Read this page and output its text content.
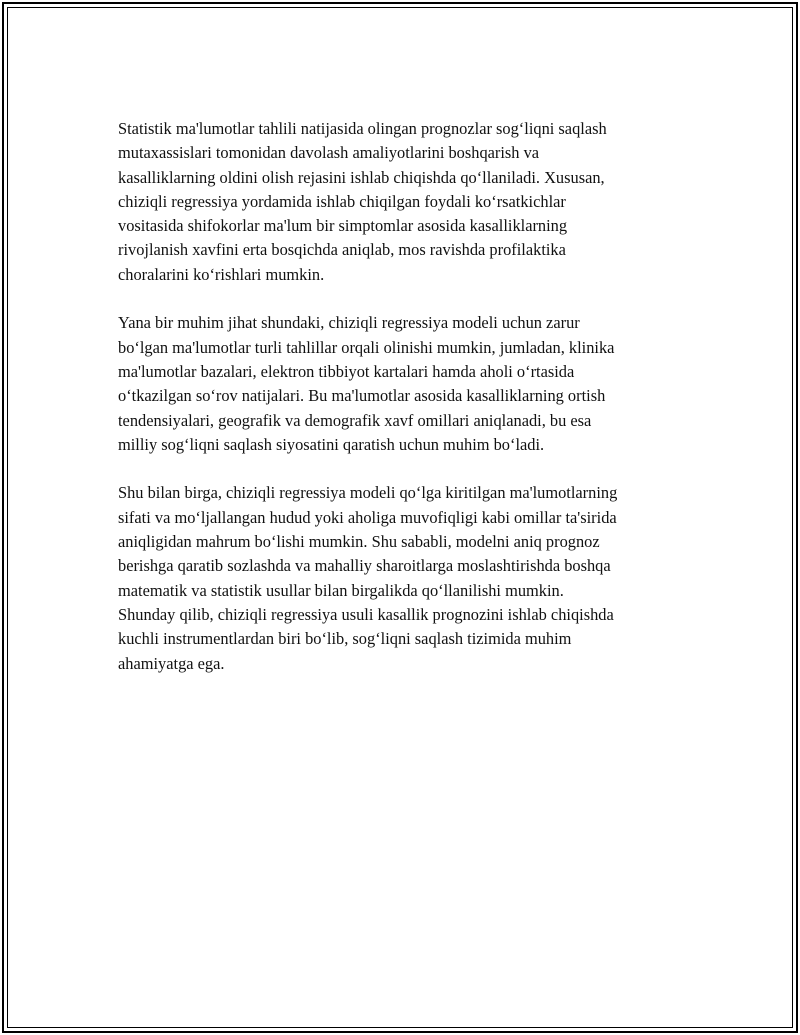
Statistik ma'lumotlar tahlili natijasida olingan prognozlar sog‘liqni saqlash
mutaxassislari tomonidan davolash amaliyotlarini boshqarish va
kasalliklarning oldini olish rejasini ishlab chiqishda qo‘llaniladi. Xususan,
chiziqli regressiya yordamida ishlab chiqilgan foydali ko‘rsatkichlar
vositasida shifokorlar ma'lum bir simptomlar asosida kasalliklarning
rivojlanish xavfini erta bosqichda aniqlab, mos ravishda profilaktika
choralarini ko‘rishlari mumkin.

Yana bir muhim jihat shundaki, chiziqli regressiya modeli uchun zarur
bo‘lgan ma'lumotlar turli tahlillar orqali olinishi mumkin, jumladan, klinika
ma'lumotlar bazalari, elektron tibbiyot kartalari hamda aholi o‘rtasida
o‘tkazilgan so‘rov natijalari. Bu ma'lumotlar asosida kasalliklarning ortish
tendensiyalari, geografik va demografik xavf omillari aniqlanadi, bu esa
milliy sog‘liqni saqlash siyosatini qaratish uchun muhim bo‘ladi.

Shu bilan birga, chiziqli regressiya modeli qo‘lga kiritilgan ma'lumotlarning
sifati va mo‘ljallangan hudud yoki aholiga muvofiqligi kabi omillar ta'sirida
aniqligidan mahrum bo‘lishi mumkin. Shu sababli, modelni aniq prognoz
berishga qaratib sozlashda va mahalliy sharoitlarga moslashtirishda boshqa
matematik va statistik usullar bilan birgalikda qo‘llanilishi mumkin.
Shunday qilib, chiziqli regressiya usuli kasallik prognozini ishlab chiqishda
kuchli instrumentlardan biri bo‘lib, sog‘liqni saqlash tizimida muhim
ahamiyatga ega.
